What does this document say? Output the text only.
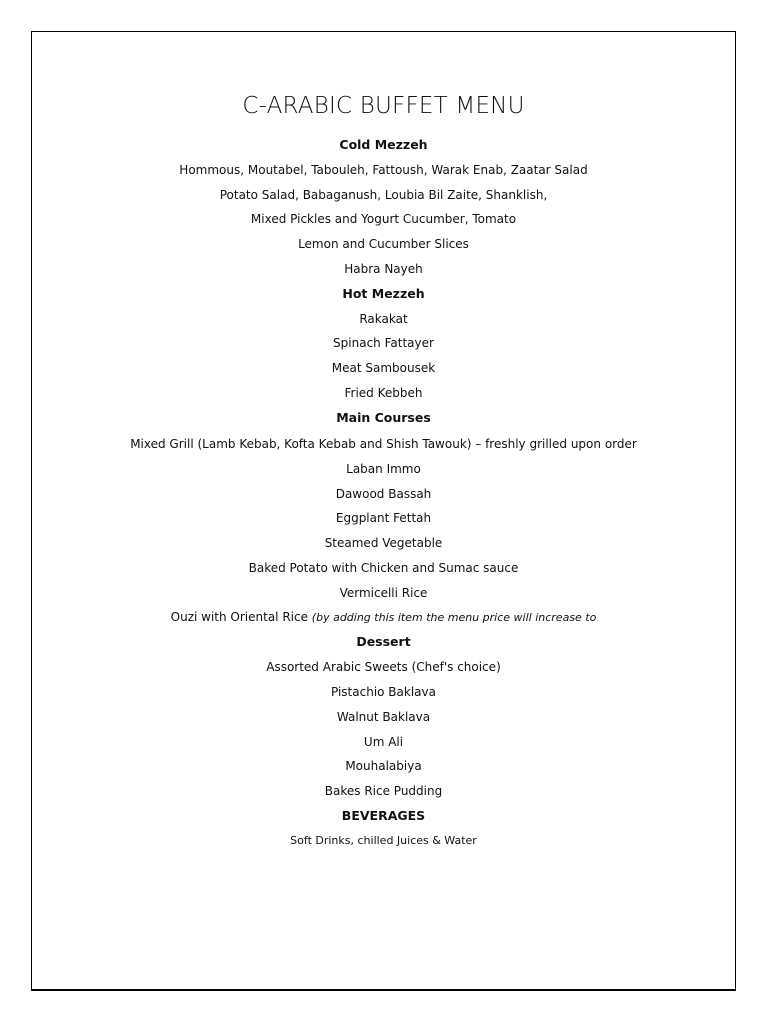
C-ARABIC BUFFET MENU
Cold Mezzeh
Hommous, Moutabel, Tabouleh, Fattoush, Warak Enab, Zaatar Salad
Potato Salad, Babaganush, Loubia Bil Zaite, Shanklish,
Mixed Pickles and Yogurt Cucumber, Tomato
Lemon and Cucumber Slices
Habra Nayeh
Hot Mezzeh
Rakakat
Spinach Fattayer
Meat Sambousek
Fried Kebbeh
Main Courses
Mixed Grill (Lamb Kebab, Kofta Kebab and Shish Tawouk) – freshly grilled upon order
Laban Immo
Dawood Bassah
Eggplant Fettah
Steamed Vegetable
Baked Potato with Chicken and Sumac sauce
Vermicelli Rice
Ouzi with Oriental Rice (by adding this item the menu price will increase to
Dessert
Assorted Arabic Sweets (Chef's choice)
Pistachio Baklava
Walnut Baklava
Um Ali
Mouhalabiya
Bakes Rice Pudding
BEVERAGES
Soft Drinks, chilled Juices & Water
